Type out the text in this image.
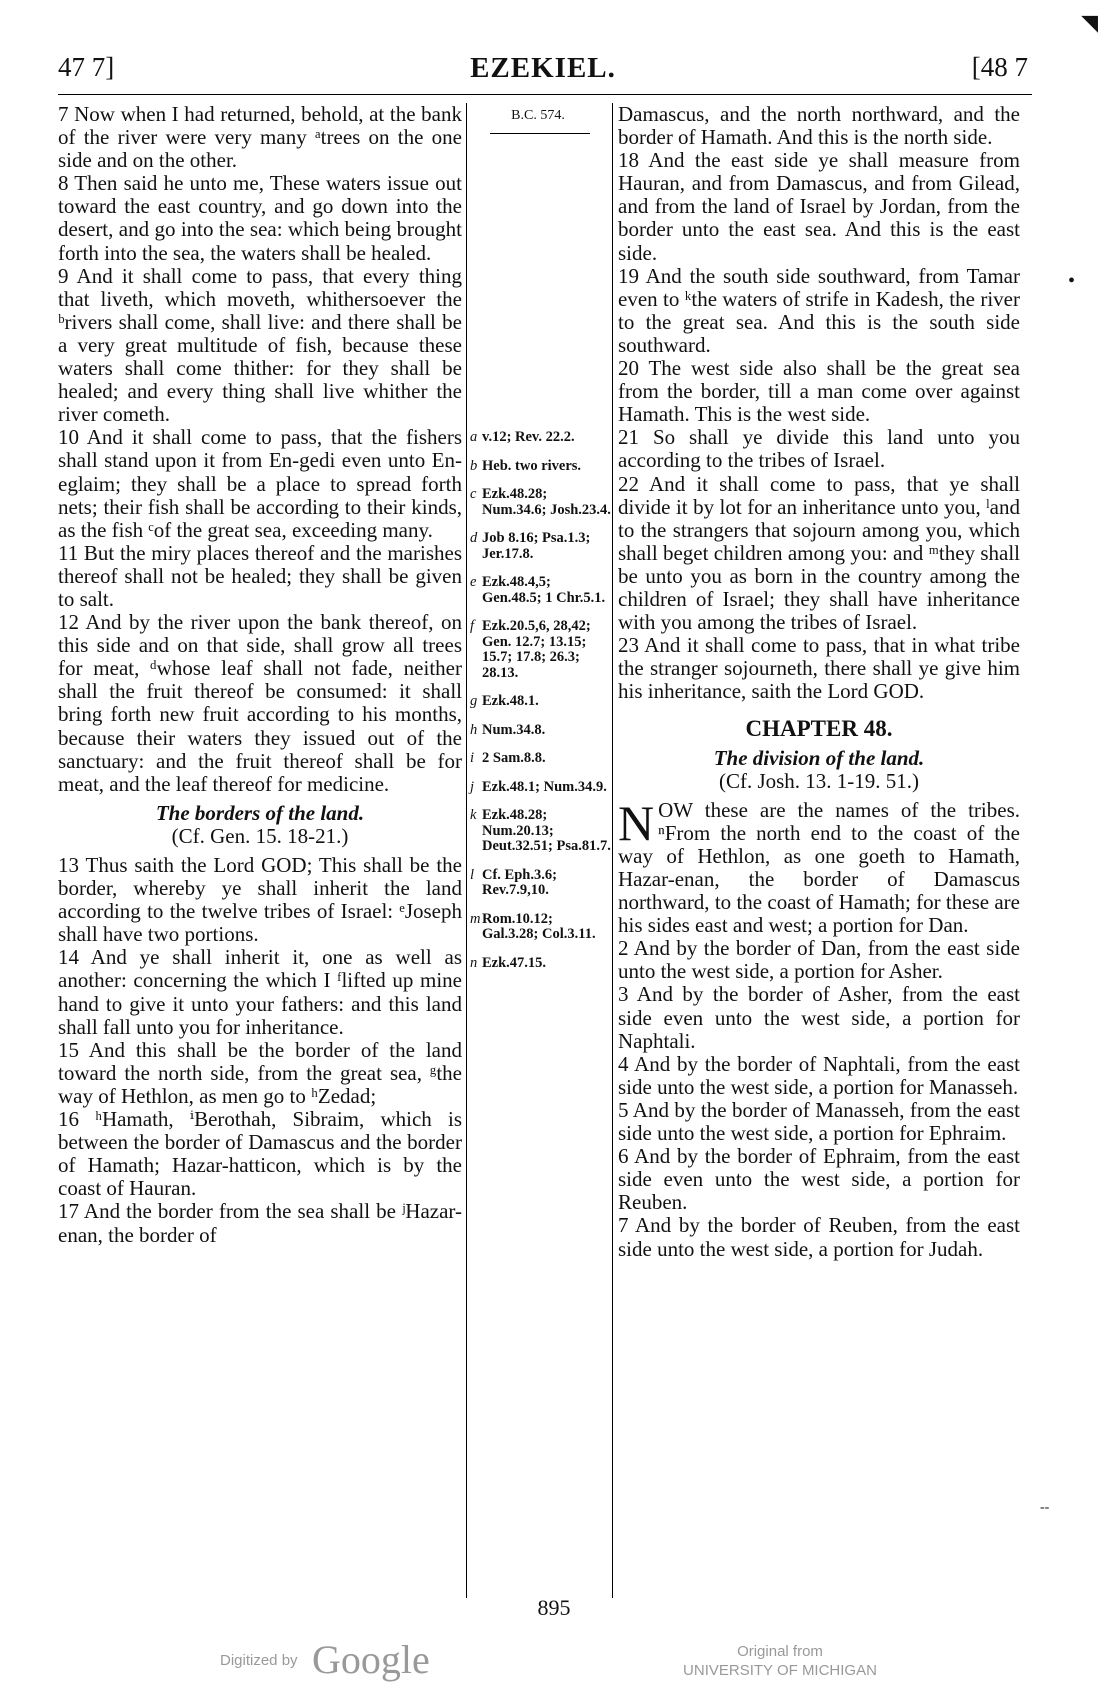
◥
47 7]	EZEKIEL.	[48 7
B.C. 574.

7 Now when I had returned, behold, at the bank of the river were very many ᵃtrees on the one side and on the other.

8 Then said he unto me, These waters issue out toward the east country, and go down into the desert, and go into the sea: which being brought forth into the sea, the waters shall be healed.

9 And it shall come to pass, that every thing that liveth, which moveth, whithersoever the ᵇrivers shall come, shall live: and there shall be a very great multitude of fish, because these waters shall come thither: for they shall be healed; and every thing shall live whither the river cometh.

10 And it shall come to pass, that the fishers shall stand upon it from En-gedi even unto En-eglaim; they shall be a place to spread forth nets; their fish shall be according to their kinds, as the fish ᶜof the great sea, exceeding many.

11 But the miry places thereof and the marishes thereof shall not be healed; they shall be given to salt.

12 And by the river upon the bank thereof, on this side and on that side, shall grow all trees for meat, ᵈwhose leaf shall not fade, neither shall the fruit thereof be consumed: it shall bring forth new fruit according to his months, because their waters they issued out of the sanctuary: and the fruit thereof shall be for meat, and the leaf thereof for medicine.

The borders of the land.
(Cf. Gen. 15. 18-21.)

13 Thus saith the Lord GOD; This shall be the border, whereby ye shall inherit the land according to the twelve tribes of Israel: ᵉJoseph shall have two portions.

14 And ye shall inherit it, one as well as another: concerning the which I ᶠlifted up mine hand to give it unto your fathers: and this land shall fall unto you for inheritance.

15 And this shall be the border of the land toward the north side, from the great sea, ᵍthe way of Hethlon, as men go to ʰZedad;

16 ʰHamath, ⁱBerothah, Sibraim, which is between the border of Damascus and the border of Hamath; Hazar-hatticon, which is by the coast of Hauran.

17 And the border from the sea shall be ʲHazar-enan, the border of

a v.12; Rev. 22.2.
b Heb. two rivers.
c Ezk.48.28; Num.34.6; Josh.23.4.
d Job 8.16; Psa.1.3; Jer.17.8.
e Ezk.48.4,5; Gen.48.5; 1 Chr.5.1.
f Ezk.20.5,6, 28,42; Gen. 12.7; 13.15; 15.7; 17.8; 26.3; 28.13.
g Ezk.48.1.
h Num.34.8.
i 2 Sam.8.8.
j Ezk.48.1; Num.34.9.
k Ezk.48.28; Num.20.13; Deut.32.51; Psa.81.7.
l Cf. Eph.3.6; Rev.7.9,10.
m Rom.10.12; Gal.3.28; Col.3.11.
n Ezk.47.15.

Damascus, and the north northward, and the border of Hamath. And this is the north side.

18 And the east side ye shall measure from Hauran, and from Damascus, and from Gilead, and from the land of Israel by Jordan, from the border unto the east sea. And this is the east side.

19 And the south side southward, from Tamar even to ᵏthe waters of strife in Kadesh, the river to the great sea. And this is the south side southward.

20 The west side also shall be the great sea from the border, till a man come over against Hamath. This is the west side.

21 So shall ye divide this land unto you according to the tribes of Israel.

22 And it shall come to pass, that ye shall divide it by lot for an inheritance unto you, ˡand to the strangers that sojourn among you, which shall beget children among you: and ᵐthey shall be unto you as born in the country among the children of Israel; they shall have inheritance with you among the tribes of Israel.

23 And it shall come to pass, that in what tribe the stranger sojourneth, there shall ye give him his inheritance, saith the Lord GOD.

CHAPTER 48.
The division of the land.
(Cf. Josh. 13. 1-19. 51.)

NOW these are the names of the tribes. ⁿFrom the north end to the coast of the way of Hethlon, as one goeth to Hamath, Hazar-enan, the border of Damascus northward, to the coast of Hamath; for these are his sides east and west; a portion for Dan.

2 And by the border of Dan, from the east side unto the west side, a portion for Asher.

3 And by the border of Asher, from the east side even unto the west side, a portion for Naphtali.

4 And by the border of Naphtali, from the east side unto the west side, a portion for Manasseh.

5 And by the border of Manasseh, from the east side unto the west side, a portion for Ephraim.

6 And by the border of Ephraim, from the east side even unto the west side, a portion for Reuben.

7 And by the border of Reuben, from the east side unto the west side, a portion for Judah.

•
--
895
Digitized by Google	Original from
UNIVERSITY OF MICHIGAN
